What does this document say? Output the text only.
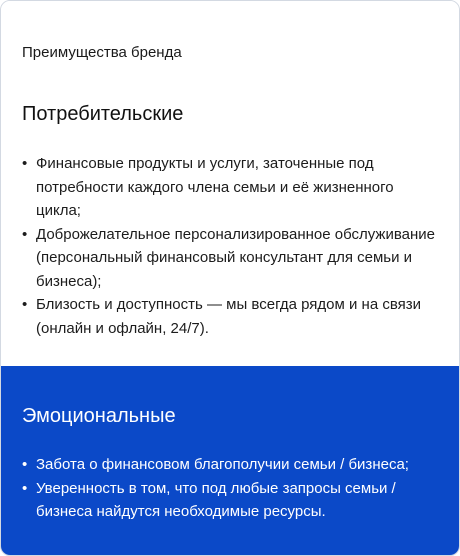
Преимущества бренда
Потребительские
• Финансовые продукты и услуги, заточенные под потребности каждого члена семьи и её жизненного цикла;
• Доброжелательное персонализированное обслуживание (персональный финансовый консультант для семьи и бизнеса);
• Близость и доступность — мы всегда рядом и на связи (онлайн и офлайн, 24/7).
Эмоциональные
• Забота о финансовом благополучии семьи / бизнеса;
• Уверенность в том, что под любые запросы семьи / бизнеса найдутся необходимые ресурсы.
